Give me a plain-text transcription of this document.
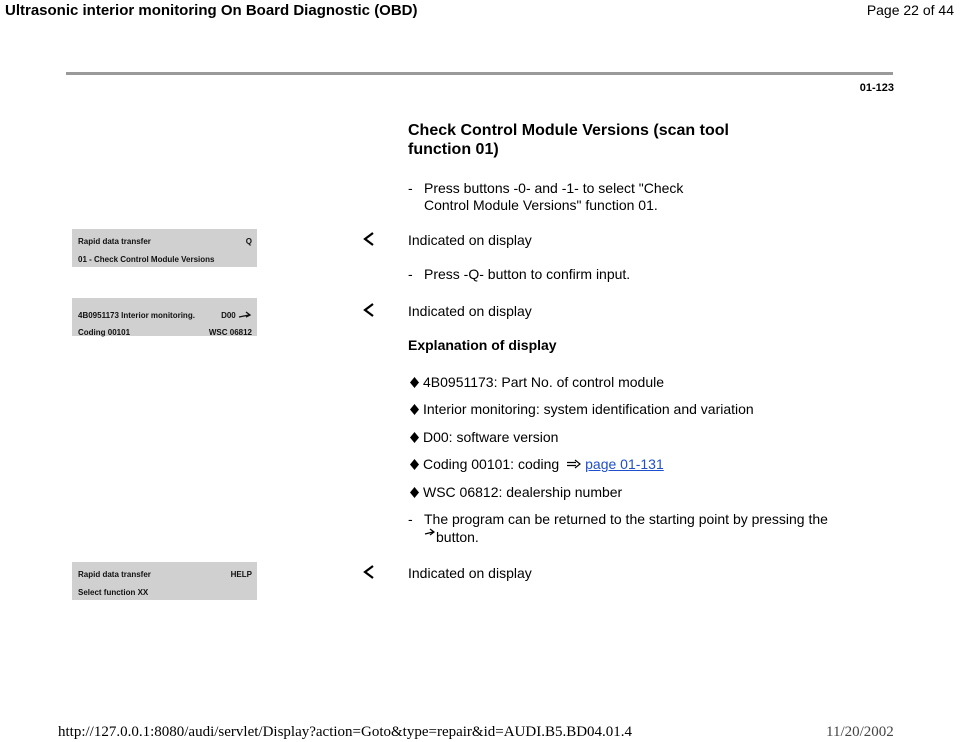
Ultrasonic interior monitoring On Board Diagnostic (OBD)	Page 22 of 44
01-123
Check Control Module Versions (scan tool function 01)
- Press buttons -0- and -1- to select "Check
Control Module Versions" function 01.
Rapid data transfer	Q
01 - Check Control Module Versions
Indicated on display
- Press -Q- button to confirm input.
4B0951173 Interior monitoring.	D00
Coding 00101	WSC 06812
Indicated on display
Explanation of display
4B0951173: Part No. of control module
Interior monitoring: system identification and variation
D00: software version
Coding 00101: coding page 01-131
WSC 06812: dealership number
- The program can be returned to the starting point by pressing the
button.
Rapid data transfer	HELP
Select function XX
Indicated on display
http://127.0.0.1:8080/audi/servlet/Display?action=Goto&type=repair&id=AUDI.B5.BD04.01.4	11/20/2002
